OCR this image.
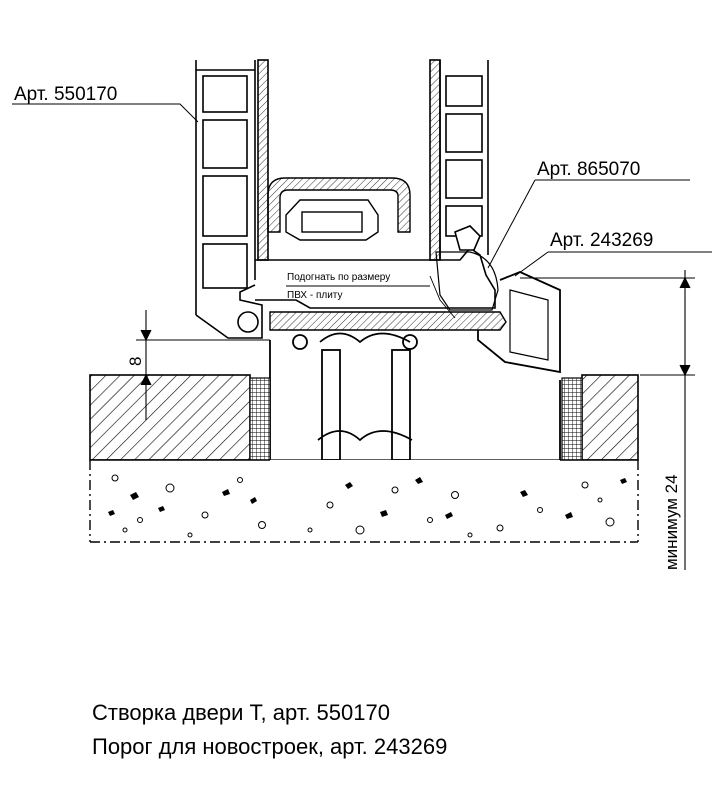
8
минимум 24
Арт. 550170
Арт. 865070
Арт. 243269
Подогнать по размеру
ПВХ - плиту
Створка двери Т, арт. 550170
Порог для новостроек, арт. 243269
